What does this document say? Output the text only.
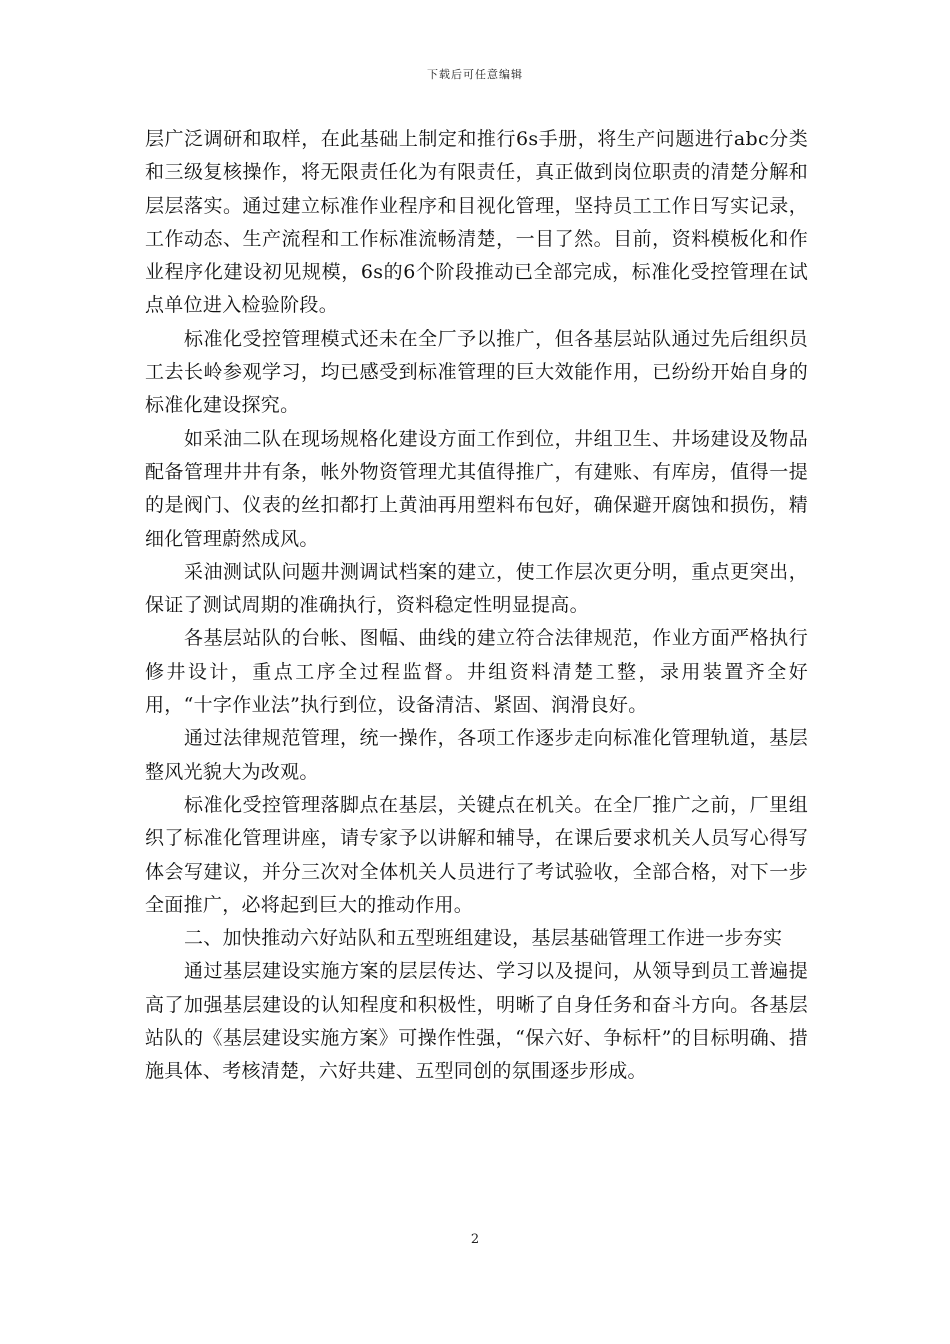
下载后可任意编辑

层广泛调研和取样，在此基础上制定和推行6s手册，将生产问题进行abc分类和三级复核操作，将无限责任化为有限责任，真正做到岗位职责的清楚分解和层层落实。通过建立标准作业程序和目视化管理，坚持员工工作日写实记录，工作动态、生产流程和工作标准流畅清楚，一目了然。目前，资料模板化和作业程序化建设初见规模，6s的6个阶段推动已全部完成，标准化受控管理在试点单位进入检验阶段。

标准化受控管理模式还未在全厂予以推广，但各基层站队通过先后组织员工去长岭参观学习，均已感受到标准管理的巨大效能作用，已纷纷开始自身的标准化建设探究。

如采油二队在现场规格化建设方面工作到位，井组卫生、井场建设及物品配备管理井井有条，帐外物资管理尤其值得推广，有建账、有库房，值得一提的是阀门、仪表的丝扣都打上黄油再用塑料布包好，确保避开腐蚀和损伤，精细化管理蔚然成风。

采油测试队问题井测调试档案的建立，使工作层次更分明，重点更突出，保证了测试周期的准确执行，资料稳定性明显提高。

各基层站队的台帐、图幅、曲线的建立符合法律规范，作业方面严格执行修井设计，重点工序全过程监督。井组资料清楚工整，录用装置齐全好用，“十字作业法”执行到位，设备清洁、紧固、润滑良好。

通过法律规范管理，统一操作，各项工作逐步走向标准化管理轨道，基层整风光貌大为改观。

标准化受控管理落脚点在基层，关键点在机关。在全厂推广之前，厂里组织了标准化管理讲座，请专家予以讲解和辅导，在课后要求机关人员写心得写体会写建议，并分三次对全体机关人员进行了考试验收，全部合格，对下一步全面推广，必将起到巨大的推动作用。

二、加快推动六好站队和五型班组建设，基层基础管理工作进一步夯实

通过基层建设实施方案的层层传达、学习以及提问，从领导到员工普遍提高了加强基层建设的认知程度和积极性，明晰了自身任务和奋斗方向。各基层站队的《基层建设实施方案》可操作性强，“保六好、争标杆”的目标明确、措施具体、考核清楚，六好共建、五型同创的氛围逐步形成。

2
